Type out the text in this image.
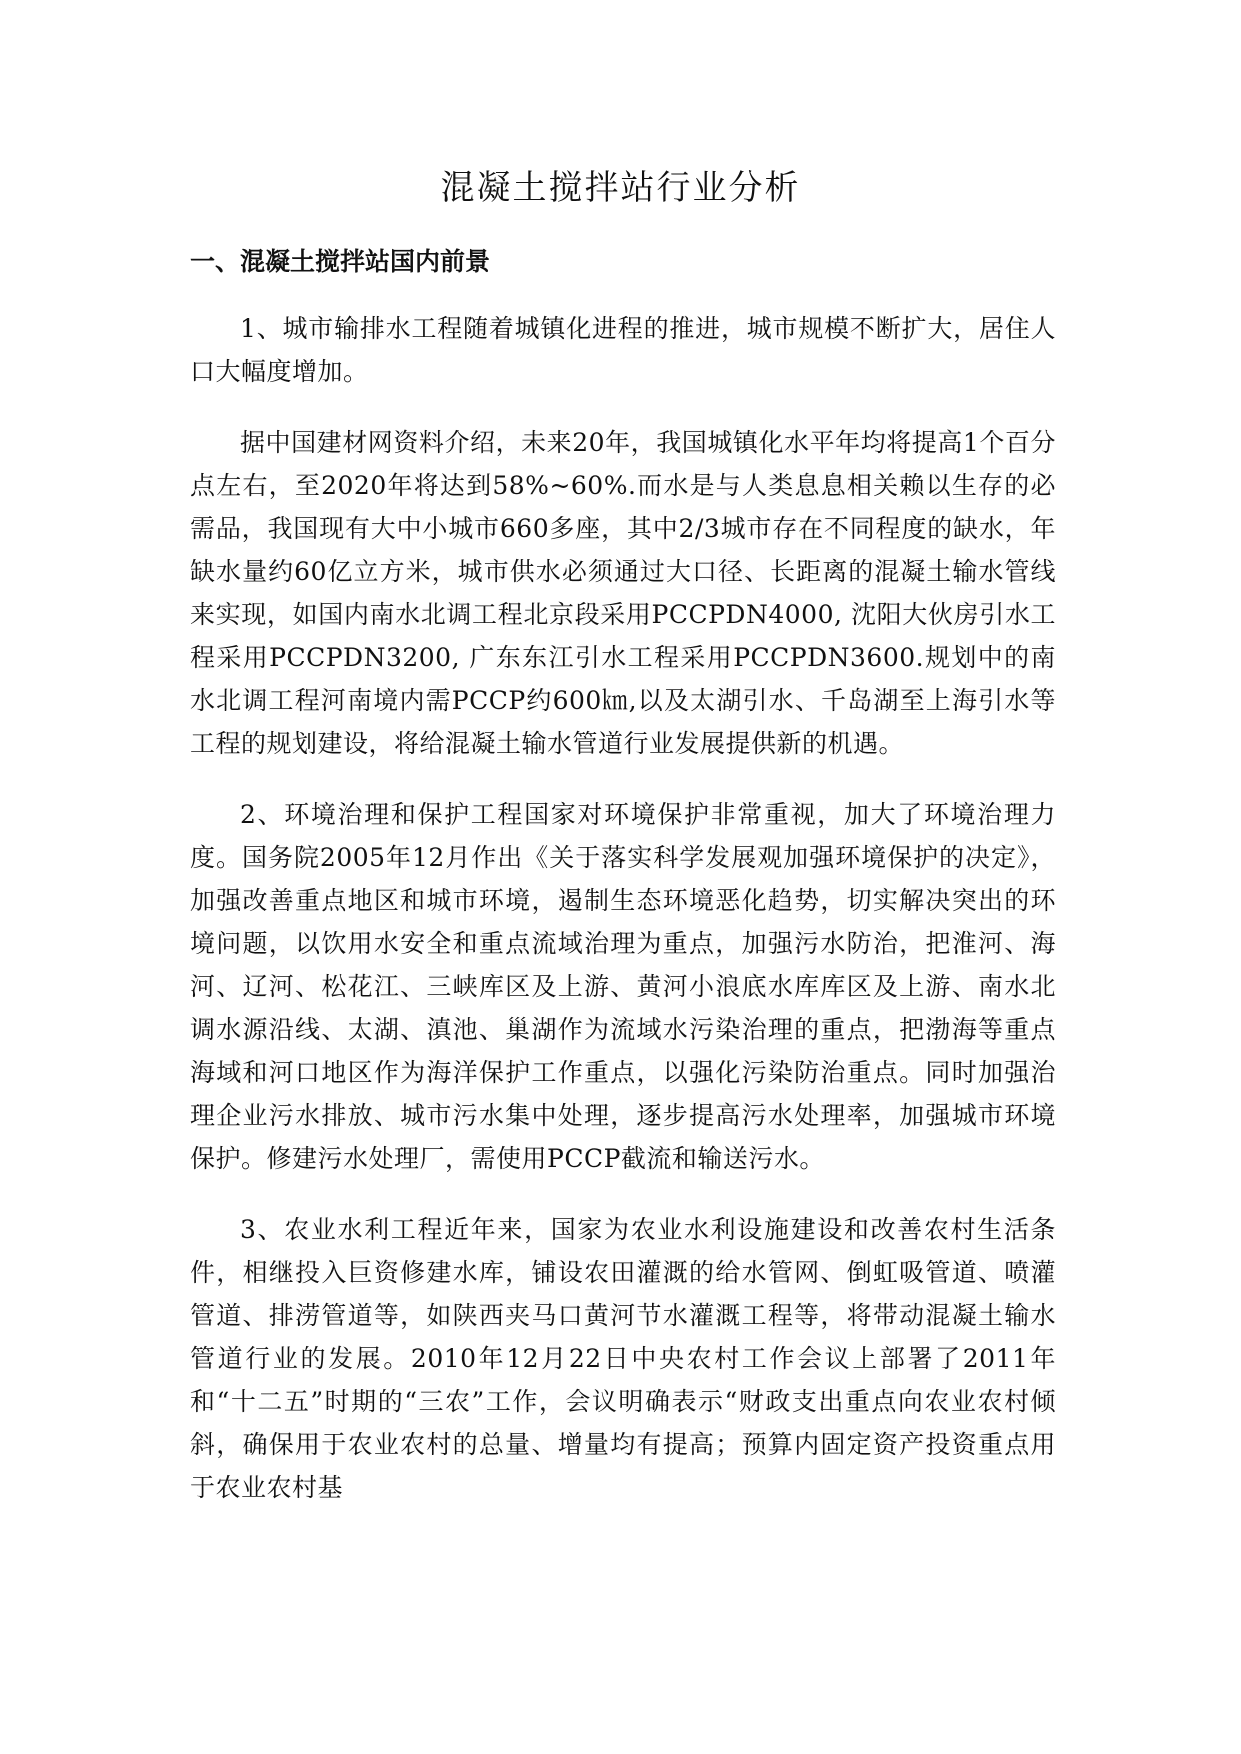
混凝土搅拌站行业分析
一、混凝土搅拌站国内前景

1、城市输排水工程随着城镇化进程的推进，城市规模不断扩大，居住人口大幅度增加。

据中国建材网资料介绍，未来20年，我国城镇化水平年均将提高1个百分点左右，至2020年将达到58%~60%.而水是与人类息息相关赖以生存的必需品，我国现有大中小城市660多座，其中2/3城市存在不同程度的缺水，年缺水量约60亿立方米，城市供水必须通过大口径、长距离的混凝土输水管线来实现，如国内南水北调工程北京段采用PCCPDN4000, 沈阳大伙房引水工程采用PCCPDN3200, 广东东江引水工程采用PCCPDN3600.规划中的南水北调工程河南境内需PCCP约600㎞,以及太湖引水、千岛湖至上海引水等工程的规划建设，将给混凝土输水管道行业发展提供新的机遇。

2、环境治理和保护工程国家对环境保护非常重视，加大了环境治理力度。国务院2005年12月作出《关于落实科学发展观加强环境保护的决定》，加强改善重点地区和城市环境，遏制生态环境恶化趋势，切实解决突出的环境问题，以饮用水安全和重点流域治理为重点，加强污水防治，把淮河、海河、辽河、松花江、三峡库区及上游、黄河小浪底水库库区及上游、南水北调水源沿线、太湖、滇池、巢湖作为流域水污染治理的重点，把渤海等重点海域和河口地区作为海洋保护工作重点，以强化污染防治重点。同时加强治理企业污水排放、城市污水集中处理，逐步提高污水处理率，加强城市环境保护。修建污水处理厂，需使用PCCP截流和输送污水。

3、农业水利工程近年来，国家为农业水利设施建设和改善农村生活条件，相继投入巨资修建水库，铺设农田灌溉的给水管网、倒虹吸管道、喷灌管道、排涝管道等，如陕西夹马口黄河节水灌溉工程等，将带动混凝土输水管道行业的发展。2010年12月22日中央农村工作会议上部署了2011年和“十二五”时期的“三农”工作，会议明确表示“财政支出重点向农业农村倾斜，确保用于农业农村的总量、增量均有提高；预算内固定资产投资重点用于农业农村基
